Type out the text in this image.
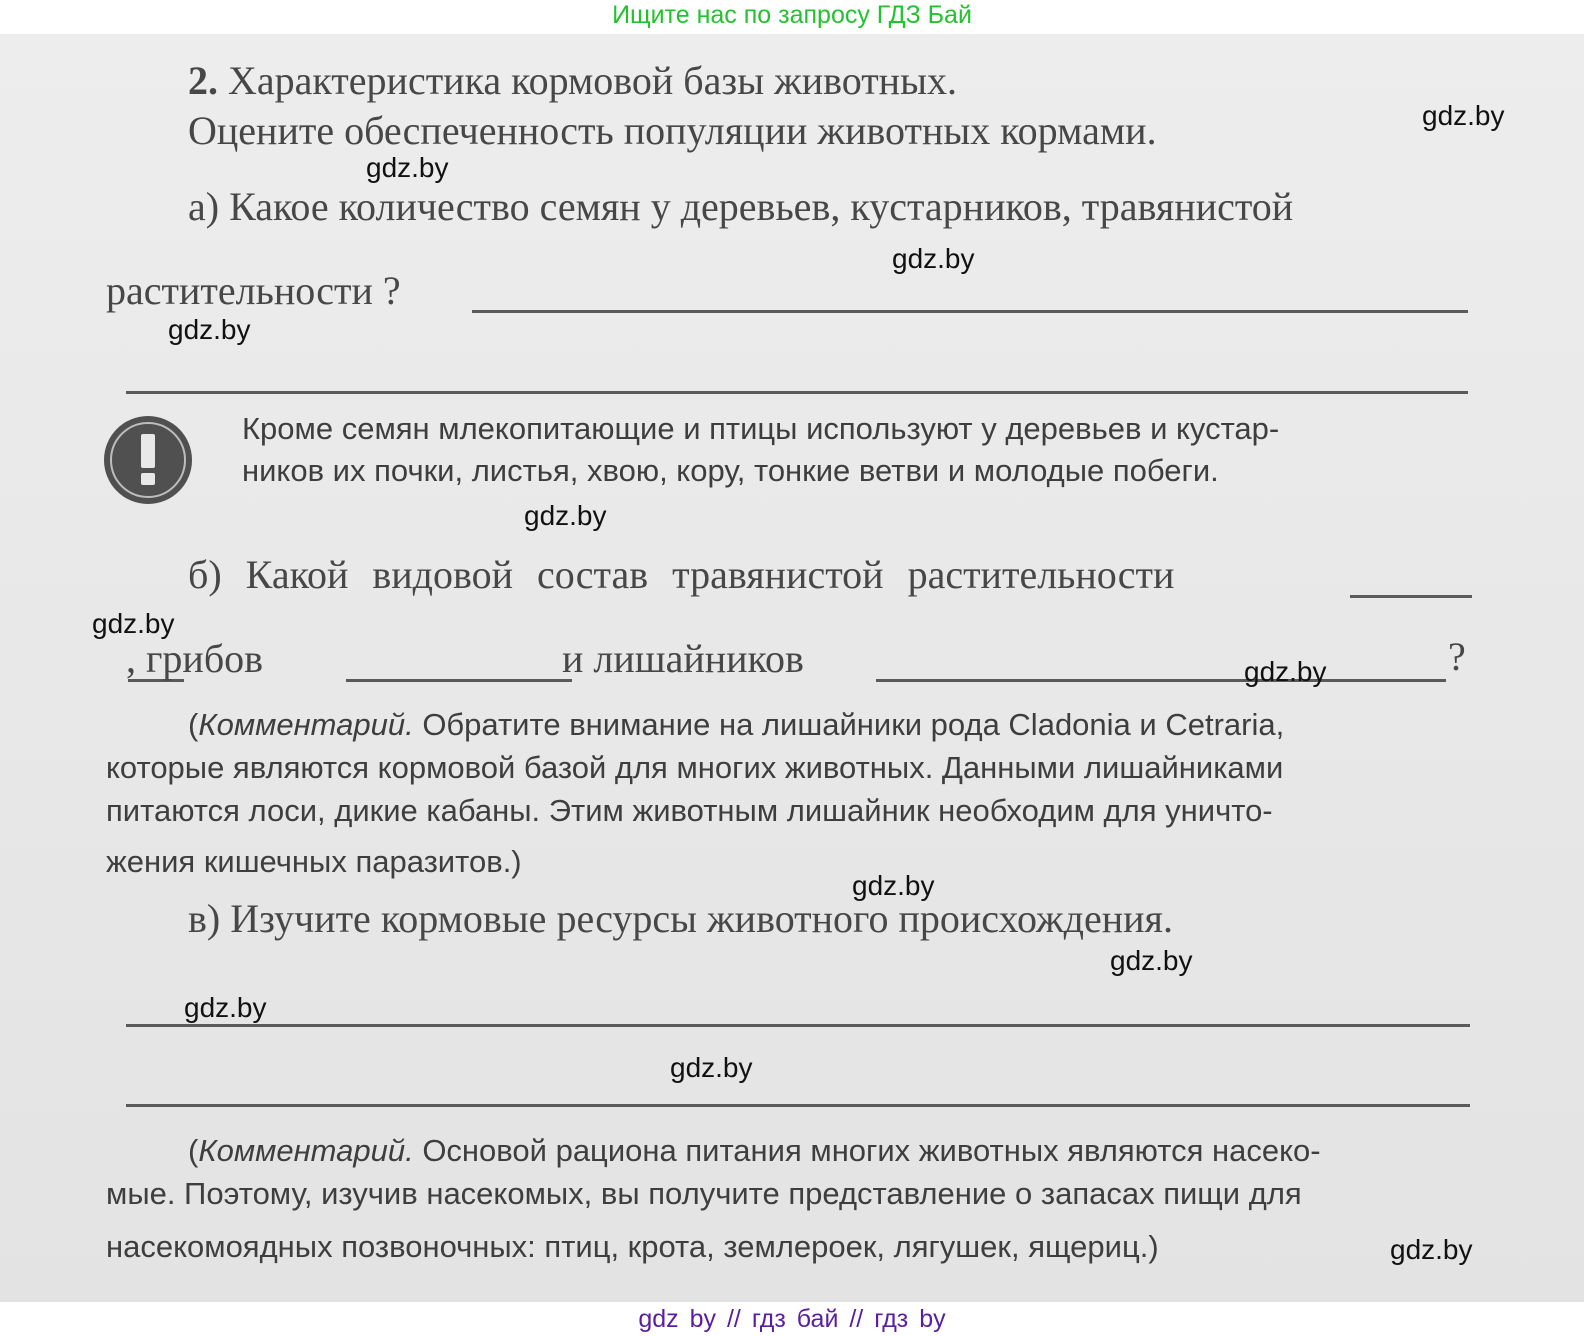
Ищите нас по запросу ГДЗ Бай
2. Характеристика кормовой базы животных.
Оцените обеспеченность популяции животных кормами.
а) Какое количество семян у деревьев, кустарников, травянистой
растительности ?
Кроме семян млекопитающие и птицы используют у деревьев и кустар-
ников их почки, листья, хвою, кору, тонкие ветви и молодые побеги.
б) Какой видовой состав травянистой растительности
, грибов	и лишайников	?
(Комментарий. Обратите внимание на лишайники рода Cladonia и Cetraria,
которые являются кормовой базой для многих животных. Данными лишайниками
питаются лоси, дикие кабаны. Этим животным лишайник необходим для уничто-
жения кишечных паразитов.)
в) Изучите кормовые ресурсы животного происхождения.
(Комментарий. Основой рациона питания многих животных являются насеко-
мые. Поэтому, изучив насекомых, вы получите представление о запасах пищи для
насекомоядных позвоночных: птиц, крота, землероек, лягушек, ящериц.)
gdz.by
gdz.by
gdz.by
gdz.by
gdz.by
gdz.by
gdz.by
gdz.by
gdz.by
gdz.by
gdz.by
gdz.by
gdz by // гдз бай // гдз by
